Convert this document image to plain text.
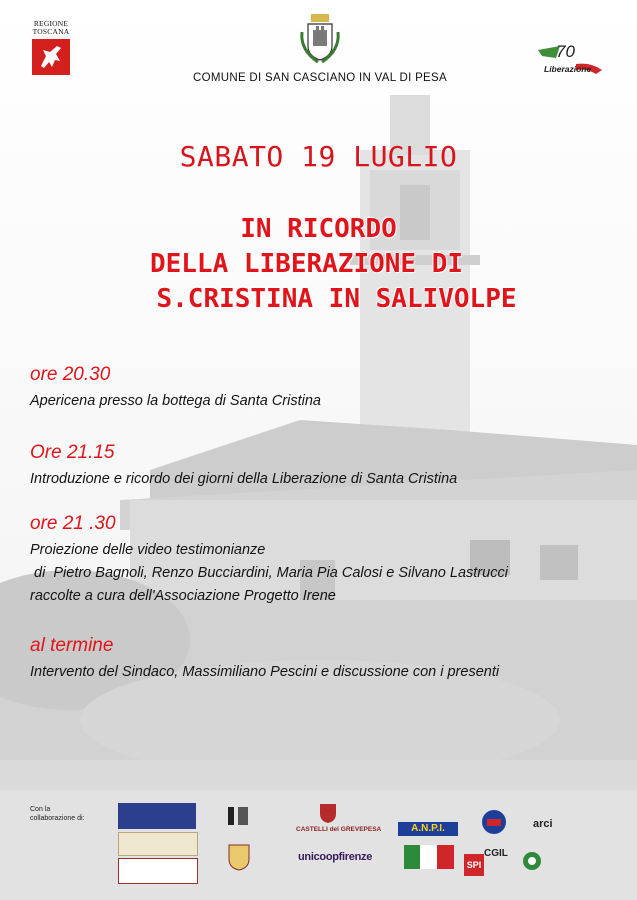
REGIONE
TOSCANA
COMUNE DI SAN CASCIANO IN VAL DI PESA
70
Liberazione
SABATO 19 LUGLIO
IN RICORDO
DELLA LIBERAZIONE DI
S.CRISTINA IN SALIVOLPE
ore 20.30
Apericena presso la bottega di Santa Cristina
Ore 21.15
Introduzione e ricordo dei giorni della Liberazione di Santa Cristina
ore 21 .30
Proiezione delle video testimonianze
di  Pietro Bagnoli, Renzo Bucciardini, Maria Pia Calosi e Silvano Lastrucci
raccolte a cura dell'Associazione Progetto Irene
al termine
Intervento del Sindaco, Massimiliano Pescini e discussione con i presenti
Con la
collaborazione di:
CASTELLI del GREVEPESA
unicoopfirenze
A.N.P.I.
CGIL
SPI
arci
